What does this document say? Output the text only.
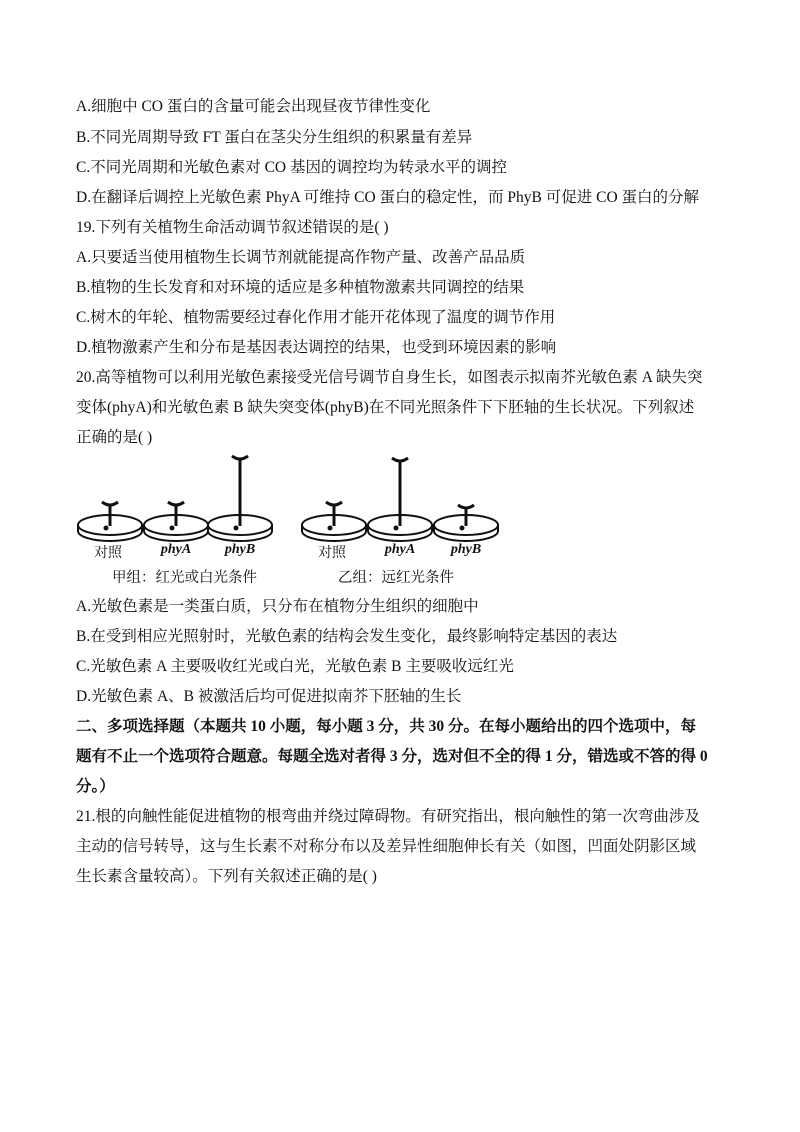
A.细胞中 CO 蛋白的含量可能会出现昼夜节律性变化
B.不同光周期导致 FT 蛋白在茎尖分生组织的积累量有差异
C.不同光周期和光敏色素对 CO 基因的调控均为转录水平的调控
D.在翻译后调控上光敏色素 PhyA 可维持 CO 蛋白的稳定性，而 PhyB 可促进 CO 蛋白的分解
19.下列有关植物生命活动调节叙述错误的是( )
A.只要适当使用植物生长调节剂就能提高作物产量、改善产品品质
B.植物的生长发育和对环境的适应是多种植物激素共同调控的结果
C.树木的年轮、植物需要经过春化作用才能开花体现了温度的调节作用
D.植物激素产生和分布是基因表达调控的结果，也受到环境因素的影响
20.高等植物可以利用光敏色素接受光信号调节自身生长，如图表示拟南芥光敏色素 A 缺失突
变体(phyA)和光敏色素 B 缺失突变体(phyB)在不同光照条件下下胚轴的生长状况。下列叙述
正确的是( )
对照	phyA phyB	对照	phyA	phyB
甲组：红光或白光条件	乙组：远红光条件
A.光敏色素是一类蛋白质，只分布在植物分生组织的细胞中
B.在受到相应光照射时，光敏色素的结构会发生变化，最终影响特定基因的表达
C.光敏色素 A 主要吸收红光或白光，光敏色素 B 主要吸收远红光
D.光敏色素 A、B 被激活后均可促进拟南芥下胚轴的生长
二、多项选择题（本题共 10 小题，每小题 3 分，共 30 分。在每小题给出的四个选项中，每
题有不止一个选项符合题意。每题全选对者得 3 分，选对但不全的得 1 分，错选或不答的得 0
分。）
21.根的向触性能促进植物的根弯曲并绕过障碍物。有研究指出，根向触性的第一次弯曲涉及
主动的信号转导，这与生长素不对称分布以及差异性细胞伸长有关（如图，凹面处阴影区域
生长素含量较高）。下列有关叙述正确的是( )
